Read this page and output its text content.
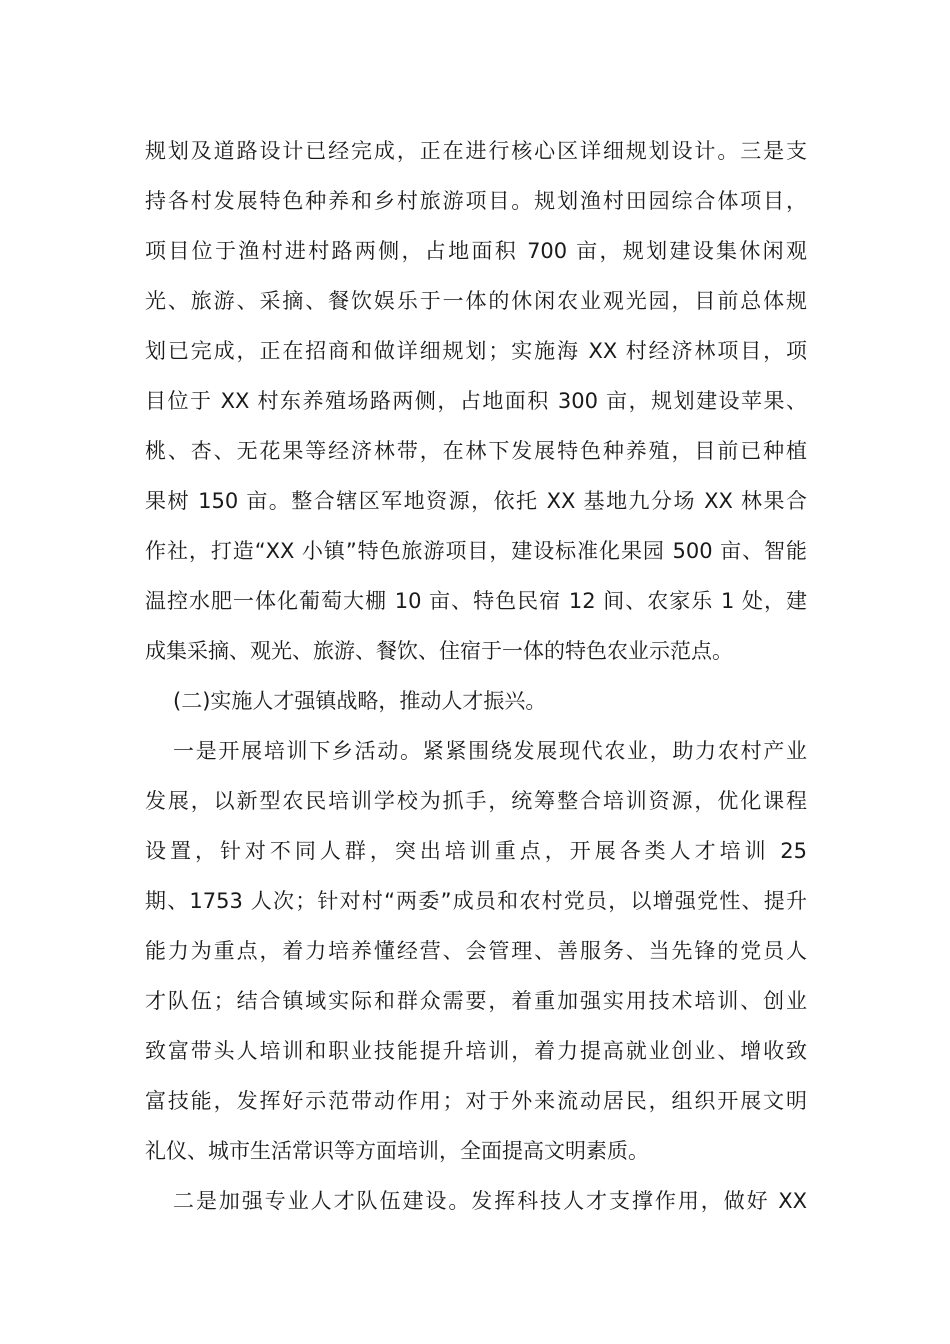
规划及道路设计已经完成，正在进行核心区详细规划设计。三是支
持各村发展特色种养和乡村旅游项目。规划渔村田园综合体项目，
项目位于渔村进村路两侧，占地面积 700 亩，规划建设集休闲观
光、旅游、采摘、餐饮娱乐于一体的休闲农业观光园，目前总体规
划已完成，正在招商和做详细规划；实施海 XX 村经济林项目，项
目位于 XX 村东养殖场路两侧，占地面积 300 亩，规划建设苹果、
桃、杏、无花果等经济林带，在林下发展特色种养殖，目前已种植
果树 150 亩。整合辖区军地资源，依托 XX 基地九分场 XX 林果合
作社，打造“XX 小镇”特色旅游项目，建设标准化果园 500 亩、智能
温控水肥一体化葡萄大棚 10 亩、特色民宿 12 间、农家乐 1 处，建
成集采摘、观光、旅游、餐饮、住宿于一体的特色农业示范点。
(二)实施人才强镇战略，推动人才振兴。
一是开展培训下乡活动。紧紧围绕发展现代农业，助力农村产业
发展，以新型农民培训学校为抓手，统筹整合培训资源，优化课程
设置，针对不同人群，突出培训重点，开展各类人才培训 25
期、1753 人次；针对村“两委”成员和农村党员，以增强党性、提升
能力为重点，着力培养懂经营、会管理、善服务、当先锋的党员人
才队伍；结合镇域实际和群众需要，着重加强实用技术培训、创业
致富带头人培训和职业技能提升培训，着力提高就业创业、增收致
富技能，发挥好示范带动作用；对于外来流动居民，组织开展文明
礼仪、城市生活常识等方面培训，全面提高文明素质。
二是加强专业人才队伍建设。发挥科技人才支撑作用，做好 XX
